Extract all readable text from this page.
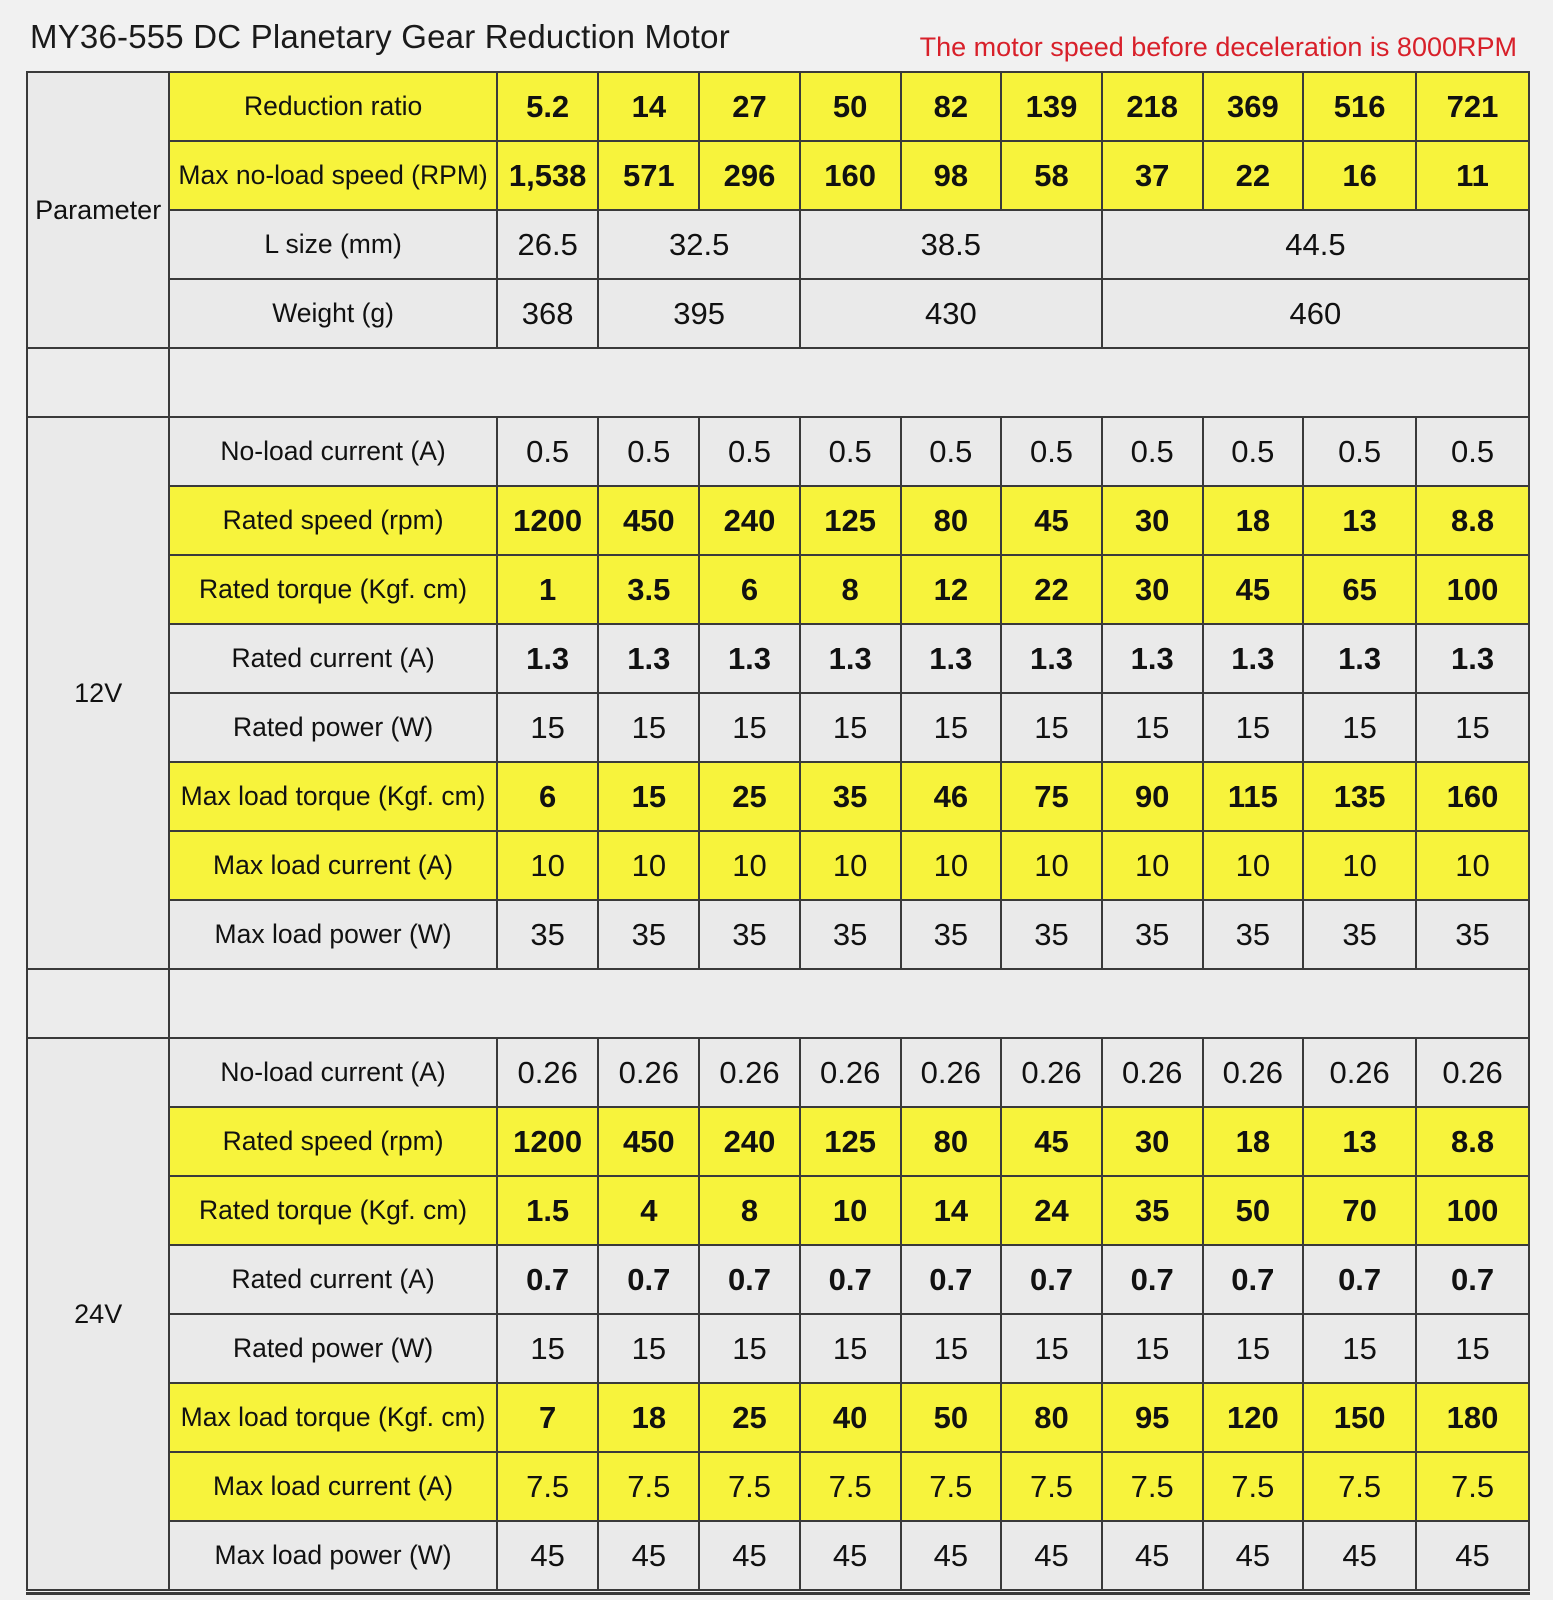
MY36-555 DC Planetary Gear Reduction Motor	The motor speed before deceleration is 8000RPM
Parameter	Reduction ratio	5.2	14	27	50	82	139	218	369	516	721
	Max no-load speed (RPM)	1,538	571	296	160	98	58	37	22	16	11
	L size (mm)	26.5	32.5		38.5			44.5			
	Weight (g)	368	395		430			460			

12V	No-load current (A)	0.5	0.5	0.5	0.5	0.5	0.5	0.5	0.5	0.5	0.5
	Rated speed (rpm)	1200	450	240	125	80	45	30	18	13	8.8
	Rated torque (Kgf. cm)	1	3.5	6	8	12	22	30	45	65	100
	Rated current (A)	1.3	1.3	1.3	1.3	1.3	1.3	1.3	1.3	1.3	1.3
	Rated power (W)	15	15	15	15	15	15	15	15	15	15
	Max load torque (Kgf. cm)	6	15	25	35	46	75	90	115	135	160
	Max load current (A)	10	10	10	10	10	10	10	10	10	10
	Max load power (W)	35	35	35	35	35	35	35	35	35	35

24V	No-load current (A)	0.26	0.26	0.26	0.26	0.26	0.26	0.26	0.26	0.26	0.26
	Rated speed (rpm)	1200	450	240	125	80	45	30	18	13	8.8
	Rated torque (Kgf. cm)	1.5	4	8	10	14	24	35	50	70	100
	Rated current (A)	0.7	0.7	0.7	0.7	0.7	0.7	0.7	0.7	0.7	0.7
	Rated power (W)	15	15	15	15	15	15	15	15	15	15
	Max load torque (Kgf. cm)	7	18	25	40	50	80	95	120	150	180
	Max load current (A)	7.5	7.5	7.5	7.5	7.5	7.5	7.5	7.5	7.5	7.5
	Max load power (W)	45	45	45	45	45	45	45	45	45	45
